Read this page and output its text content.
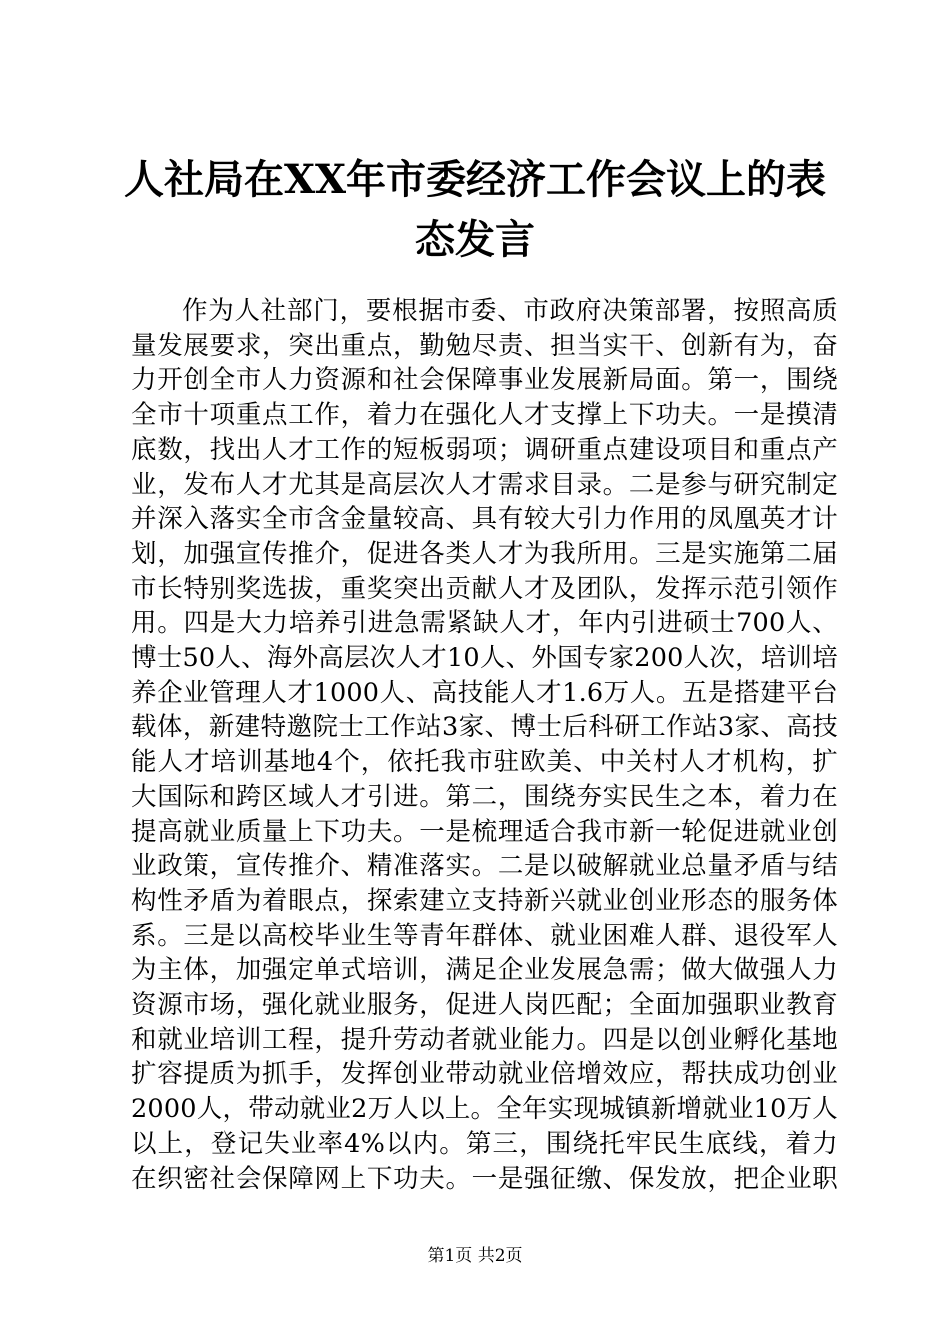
人社局在XX年市委经济工作会议上的表态发言

作为人社部门，要根据市委、市政府决策部署，按照高质量发展要求，突出重点，勤勉尽责、担当实干、创新有为，奋力开创全市人力资源和社会保障事业发展新局面。第一，围绕全市十项重点工作，着力在强化人才支撑上下功夫。一是摸清底数，找出人才工作的短板弱项；调研重点建设项目和重点产业，发布人才尤其是高层次人才需求目录。二是参与研究制定并深入落实全市含金量较高、具有较大引力作用的凤凰英才计划，加强宣传推介，促进各类人才为我所用。三是实施第二届市长特别奖选拔，重奖突出贡献人才及团队，发挥示范引领作用。四是大力培养引进急需紧缺人才，年内引进硕士700人、博士50人、海外高层次人才10人、外国专家200人次，培训培养企业管理人才1000人、高技能人才1.6万人。五是搭建平台载体，新建特邀院士工作站3家、博士后科研工作站3家、高技能人才培训基地4个，依托我市驻欧美、中关村人才机构，扩大国际和跨区域人才引进。第二，围绕夯实民生之本，着力在提高就业质量上下功夫。一是梳理适合我市新一轮促进就业创业政策，宣传推介、精准落实。二是以破解就业总量矛盾与结构性矛盾为着眼点，探索建立支持新兴就业创业形态的服务体系。三是以高校毕业生等青年群体、就业困难人群、退役军人为主体，加强定单式培训，满足企业发展急需；做大做强人力资源市场，强化就业服务，促进人岗匹配；全面加强职业教育和就业培训工程，提升劳动者就业能力。四是以创业孵化基地扩容提质为抓手，发挥创业带动就业倍增效应，帮扶成功创业2000人，带动就业2万人以上。全年实现城镇新增就业10万人以上，登记失业率4%以内。第三，围绕托牢民生底线，着力在织密社会保障网上下功夫。一是强征缴、保发放，把企业职

第1页 共2页
